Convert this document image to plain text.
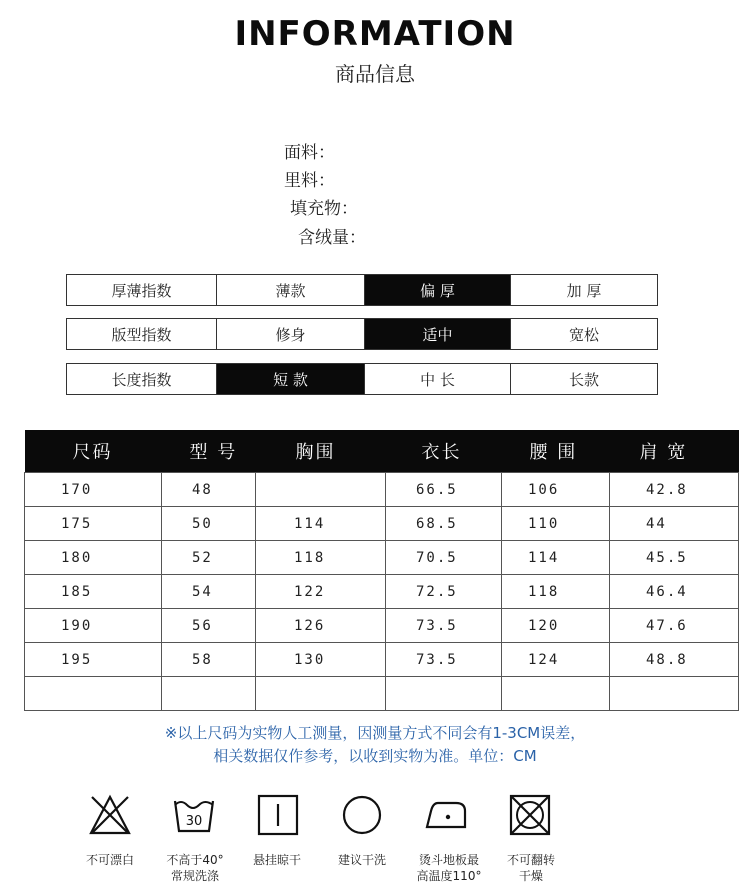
INFORMATION
商品信息
面料：
里料：
填充物：
含绒量：
厚薄指数	薄款	偏 厚	加 厚
版型指数	修身	适中	宽松
长度指数	短 款	中 长	长款
尺码	型 号	胸围	衣长	腰 围	肩 宽
170	48		66.5	106	42.8
175	50	114	68.5	110	44
180	52	118	70.5	114	45.5
185	54	122	72.5	118	46.4
190	56	126	73.5	120	47.6
195	58	130	73.5	124	48.8

※以上尺码为实物人工测量，因测量方式不同会有1-3CM误差，
相关数据仅作参考，以收到实物为准。单位：CM
30
不可漂白	不高于40°
常规洗涤
悬挂晾干	建议干洗	烫斗地板最
高温度110°
不可翻转
干燥
